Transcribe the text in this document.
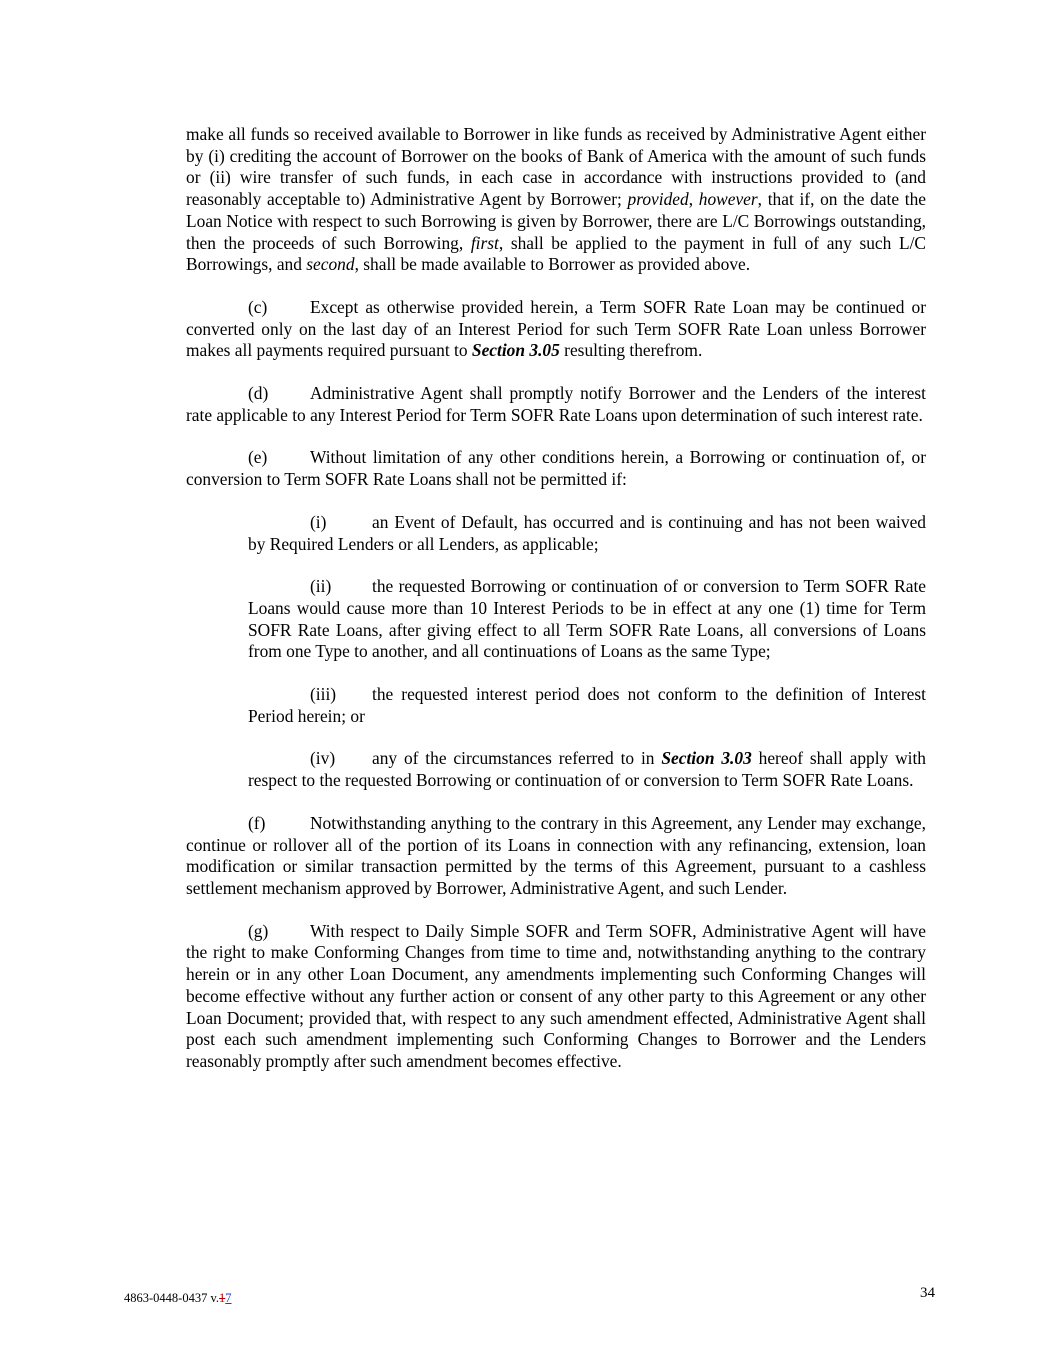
make all funds so received available to Borrower in like funds as received by Administrative Agent either by (i) crediting the account of Borrower on the books of Bank of America with the amount of such funds or (ii) wire transfer of such funds, in each case in accordance with instructions provided to (and reasonably acceptable to) Administrative Agent by Borrower; provided, however, that if, on the date the Loan Notice with respect to such Borrowing is given by Borrower, there are L/C Borrowings outstanding, then the proceeds of such Borrowing, first, shall be applied to the payment in full of any such L/C Borrowings, and second, shall be made available to Borrower as provided above.

(c) Except as otherwise provided herein, a Term SOFR Rate Loan may be continued or converted only on the last day of an Interest Period for such Term SOFR Rate Loan unless Borrower makes all payments required pursuant to Section 3.05 resulting therefrom.

(d) Administrative Agent shall promptly notify Borrower and the Lenders of the interest rate applicable to any Interest Period for Term SOFR Rate Loans upon determination of such interest rate.

(e) Without limitation of any other conditions herein, a Borrowing or continuation of, or conversion to Term SOFR Rate Loans shall not be permitted if:

(i)	an Event of Default, has occurred and is continuing and has not been waived by Required Lenders or all Lenders, as applicable;

(ii) the requested Borrowing or continuation of or conversion to Term SOFR Rate Loans would cause more than 10 Interest Periods to be in effect at any one (1) time for Term SOFR Rate Loans, after giving effect to all Term SOFR Rate Loans, all conversions of Loans from one Type to another, and all continuations of Loans as the same Type;

(iii) the requested interest period does not conform to the definition of Interest Period herein; or

(iv) any of the circumstances referred to in Section 3.03 hereof shall apply with respect to the requested Borrowing or continuation of or conversion to Term SOFR Rate Loans.

(f)	Notwithstanding anything to the contrary in this Agreement, any Lender may exchange, continue or rollover all of the portion of its Loans in connection with any refinancing, extension, loan modification or similar transaction permitted by the terms of this Agreement, pursuant to a cashless settlement mechanism approved by Borrower, Administrative Agent, and such Lender.

(g) With respect to Daily Simple SOFR and Term SOFR, Administrative Agent will have the right to make Conforming Changes from time to time and, notwithstanding anything to the contrary herein or in any other Loan Document, any amendments implementing such Conforming Changes will become effective without any further action or consent of any other party to this Agreement or any other Loan Document; provided that, with respect to any such amendment effected, Administrative Agent shall post each such amendment implementing such Conforming Changes to Borrower and the Lenders reasonably promptly after such amendment becomes effective.

4863-0448-0437 v.17	34
